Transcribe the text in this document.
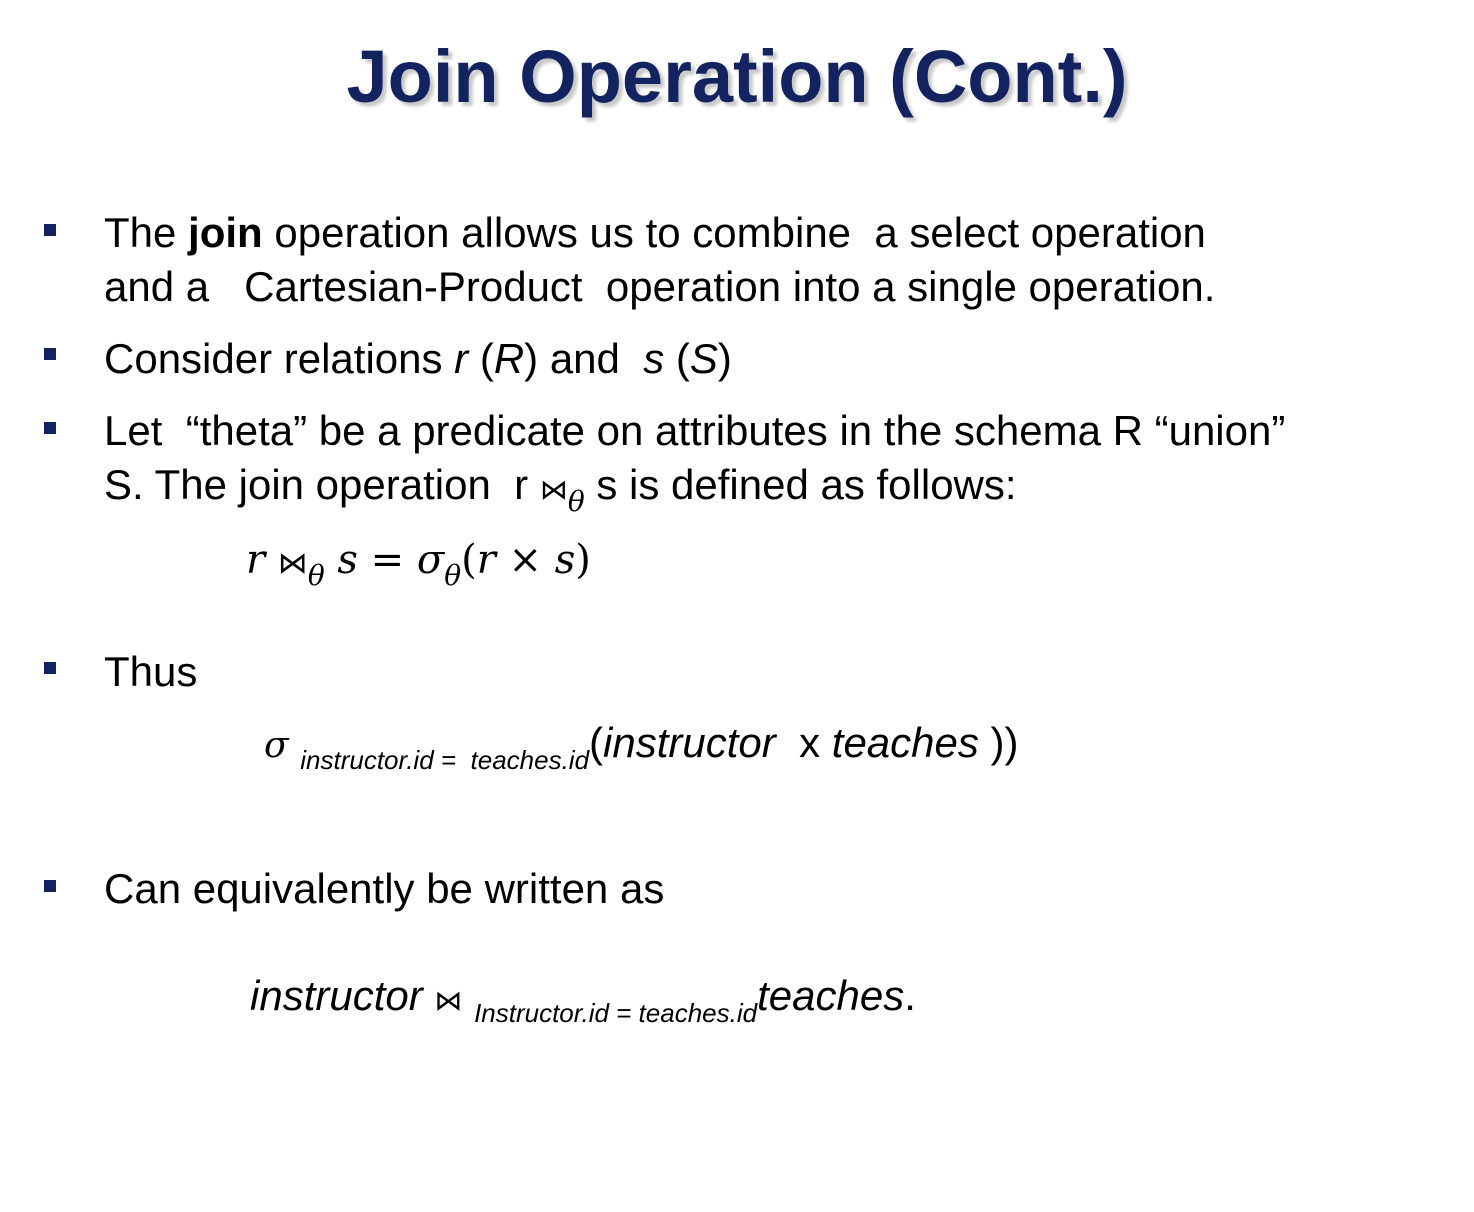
Join Operation (Cont.)
The join operation allows us to combine  a select operation
and a   Cartesian-Product  operation into a single operation.
Consider relations r (R) and  s (S)
Let  “theta” be a predicate on attributes in the schema R “union”
S. The join operation  r $⋈_\theta$ s is defined as follows:
r $⋈_\theta$ $s = \sigma_\theta(r \times s)$
Thus
σ $_{instructor.id = teaches.id}$(instructor  x teaches ))
Can equivalently be written as
instructor ⋈ $_{Instructor.id = teaches.id}$teaches.
